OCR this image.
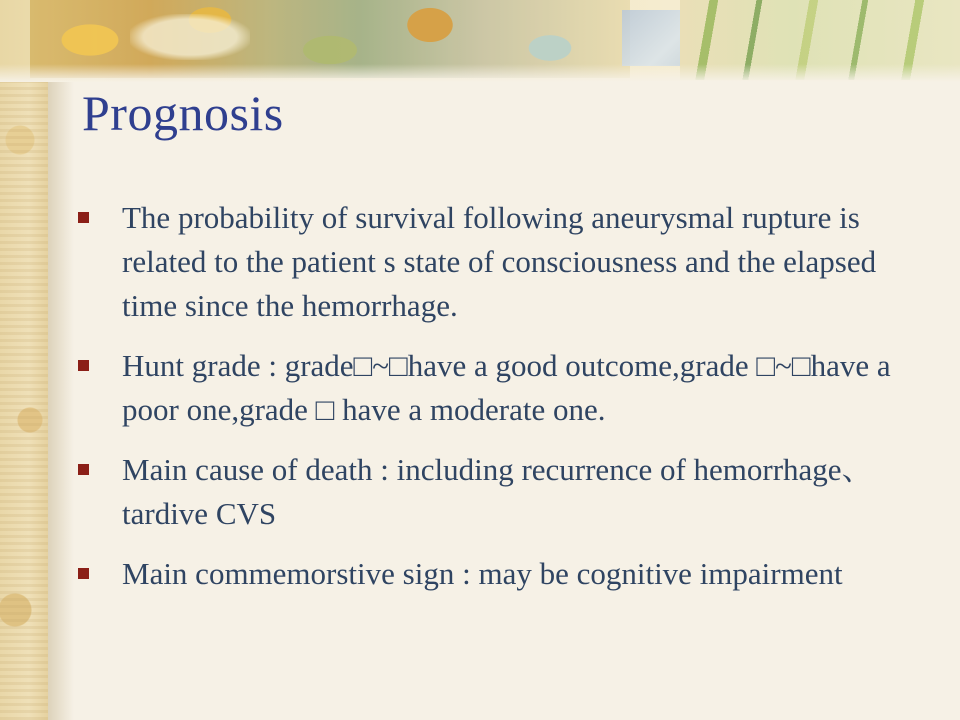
Prognosis
The probability of survival following aneurysmal rupture is related to the patient s state of consciousness and the elapsed time since the hemorrhage.
Hunt grade : grade□~□have a good outcome,grade □~□have a poor one,grade □ have a moderate one.
Main cause of death : including recurrence of hemorrhage、tardive CVS
Main commemorstive sign : may be cognitive impairment
